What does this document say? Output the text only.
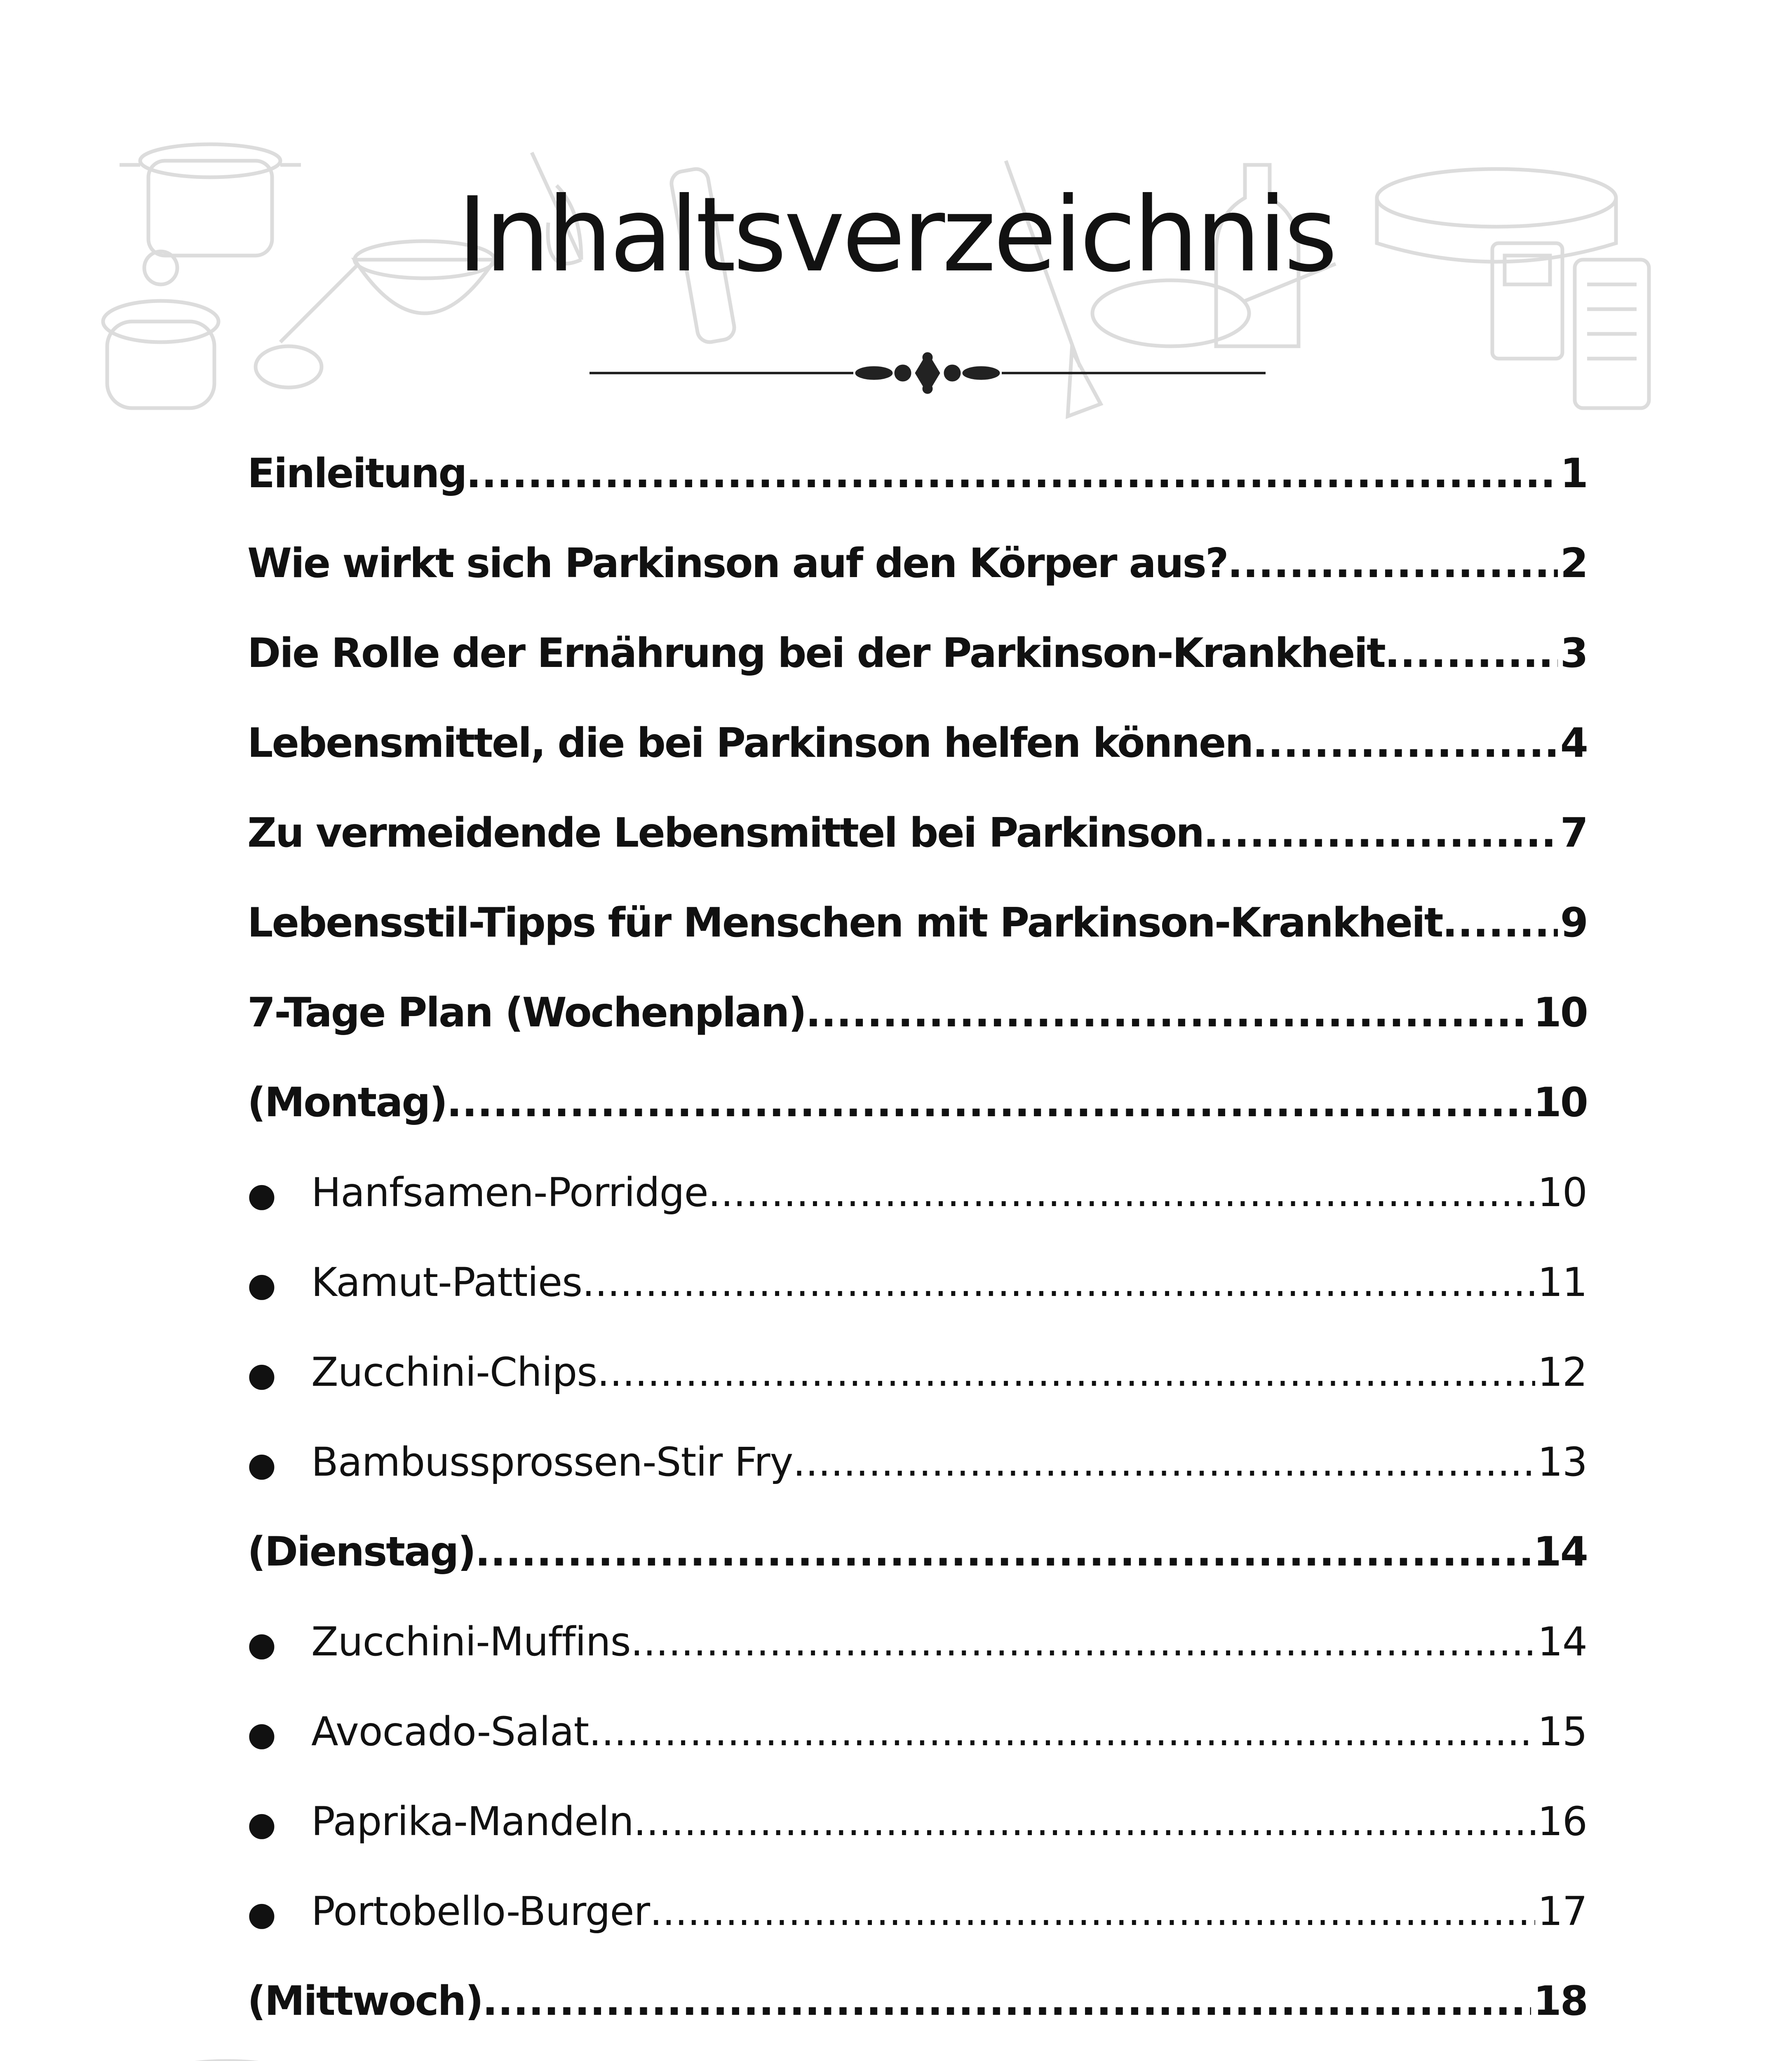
Inhaltsverzeichnis
Einleitung .....	1
Wie wirkt sich Parkinson auf den Körper aus? .....	2
Die Rolle der Ernährung bei der Parkinson-Krankheit .....	3
Lebensmittel, die bei Parkinson helfen können .....	4
Zu vermeidende Lebensmittel bei Parkinson .....	7
Lebensstil-Tipps für Menschen mit Parkinson-Krankheit .....	9
7-Tage Plan (Wochenplan) .....	10
(Montag) .....	10
● Hanfsamen-Porridge .....	10
● Kamut-Patties .....	11
● Zucchini-Chips .....	12
● Bambussprossen-Stir Fry .....	13
(Dienstag) .....	14
● Zucchini-Muffins .....	14
● Avocado-Salat .....	15
● Paprika-Mandeln .....	16
● Portobello-Burger .....	17
(Mittwoch) .....	18
.....
